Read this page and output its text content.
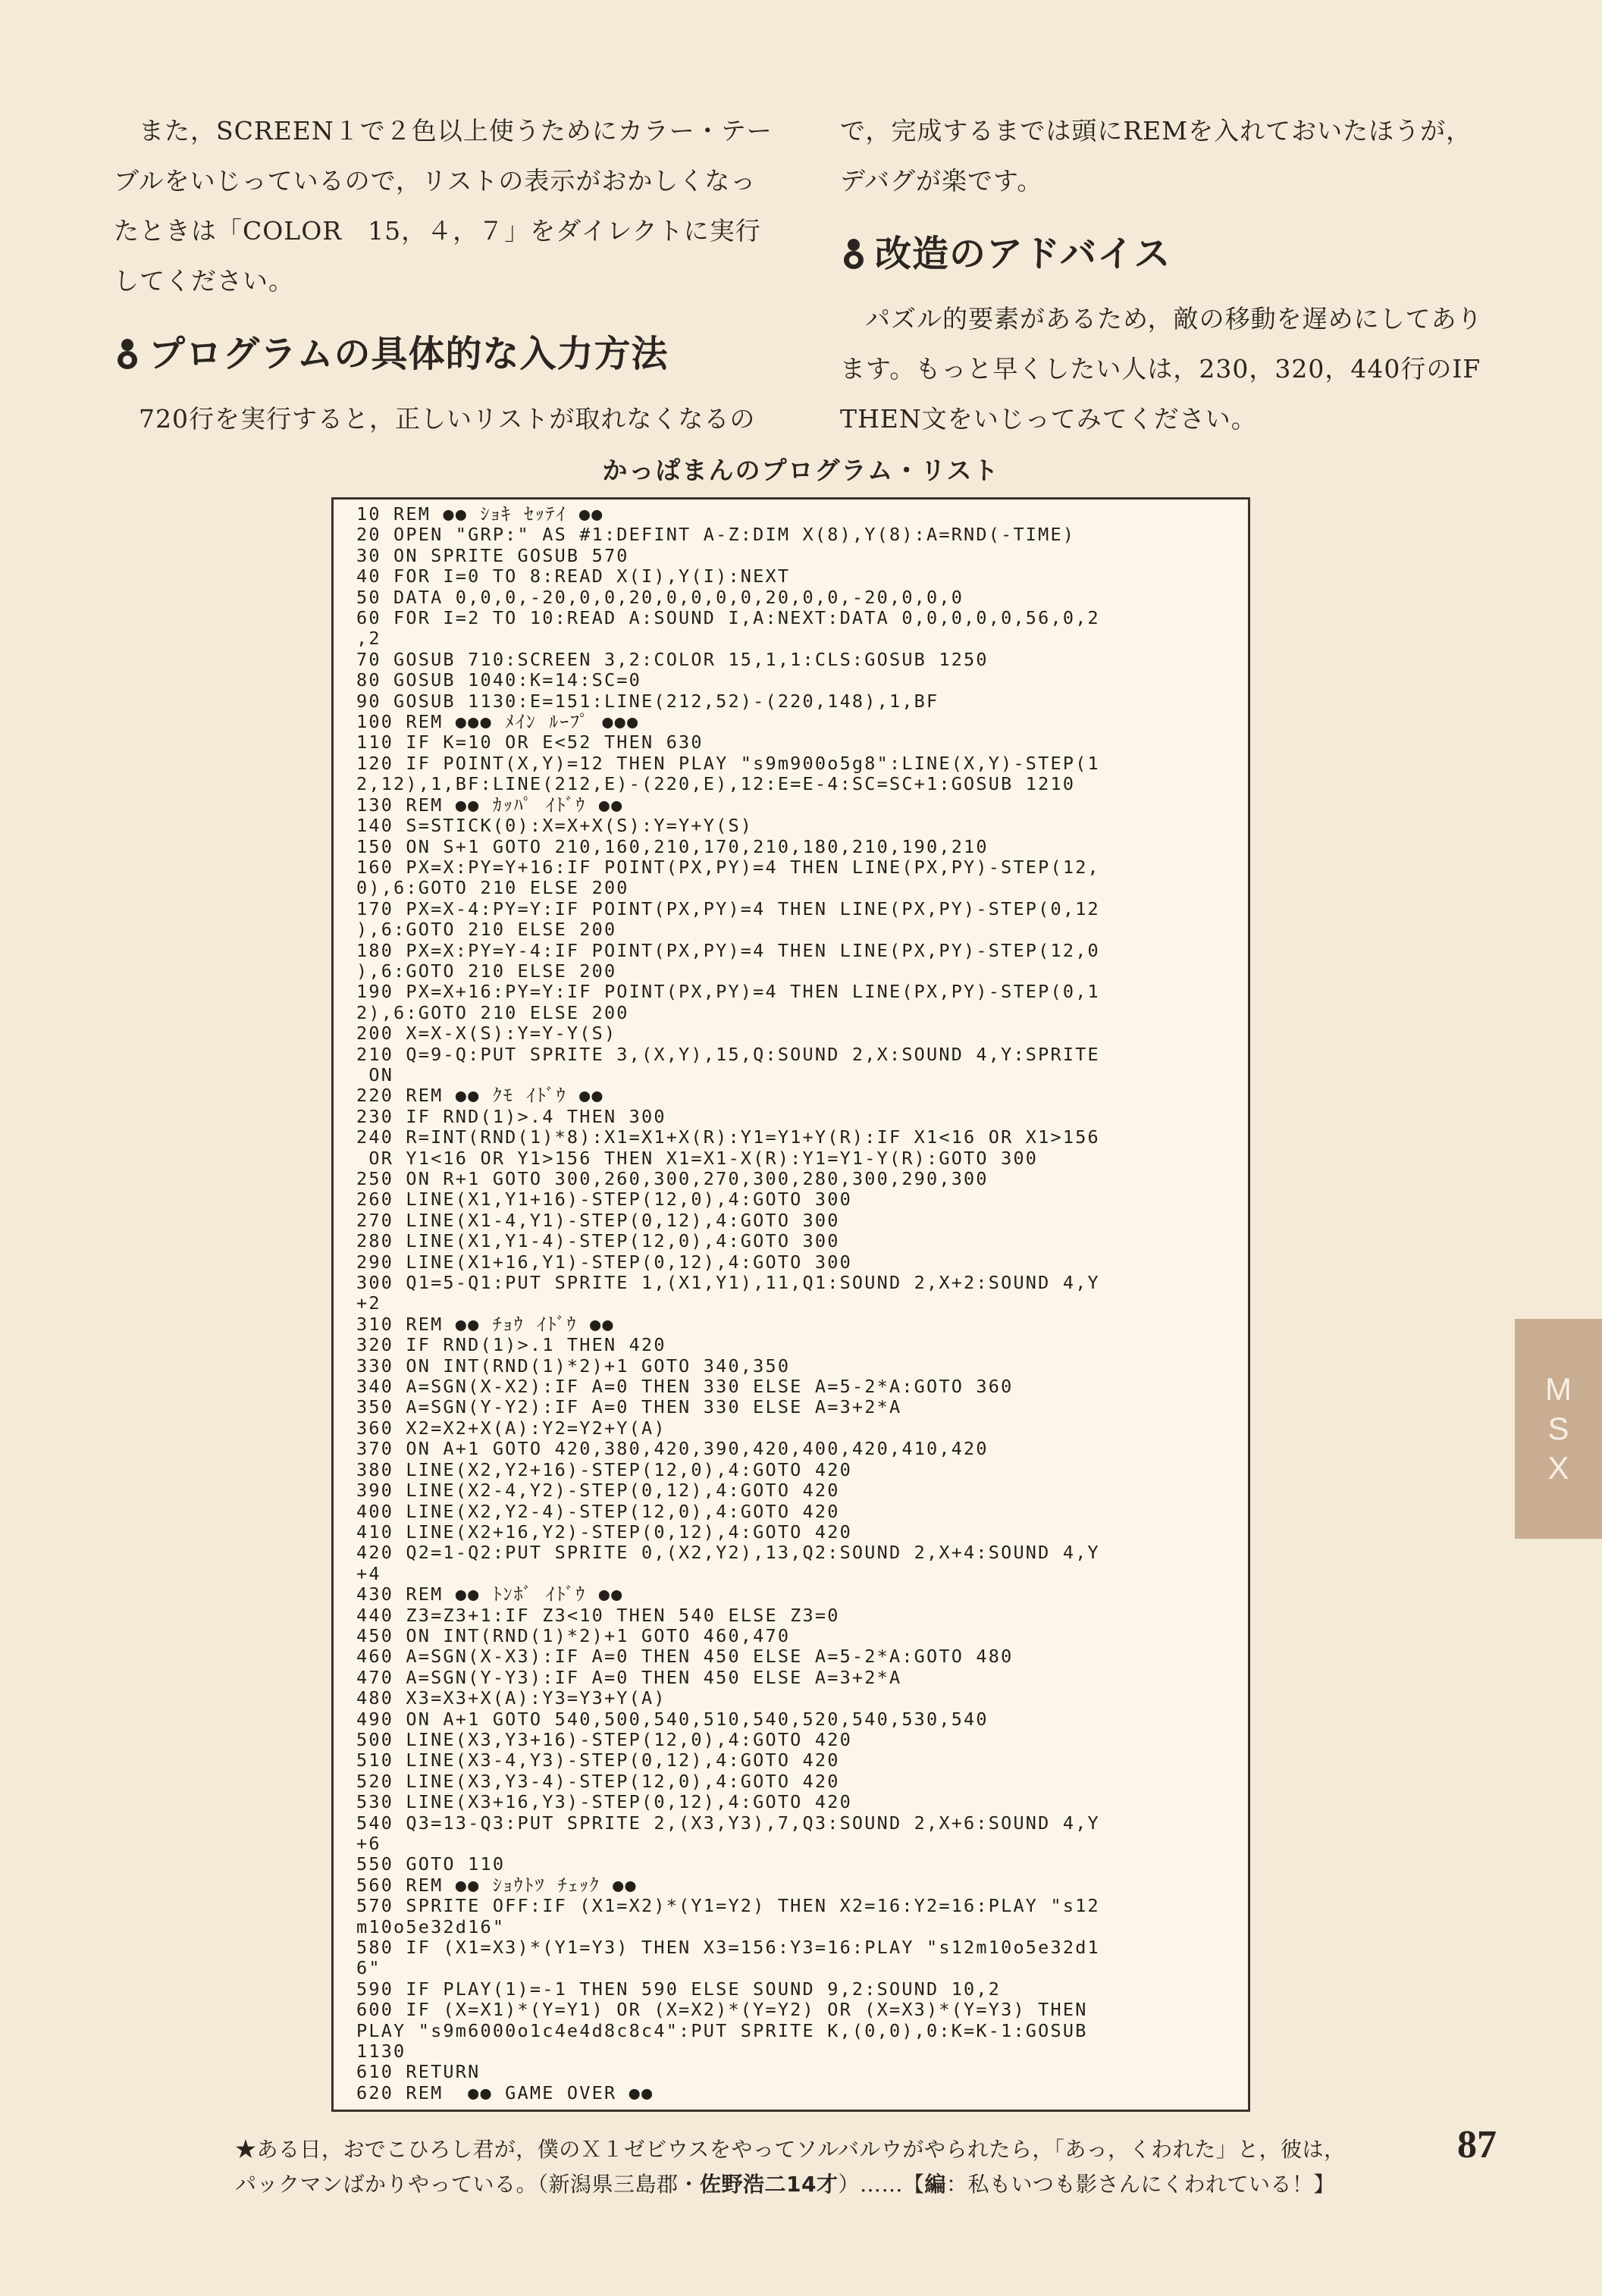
また，SCREEN１で２色以上使うためにカラー・テーブルをいじっているので，リストの表示がおかしくなったときは「COLOR　15，４，７」をダイレクトに実行してください。

プログラムの具体的な入力方法

720行を実行すると，正しいリストが取れなくなるの

で，完成するまでは頭にREMを入れておいたほうが，デバグが楽です。

改造のアドバイス

パズル的要素があるため，敵の移動を遅めにしてあります。もっと早くしたい人は，230，320，440行のIF　THEN文をいじってみてください。

かっぱまんのプログラム・リスト
10 REM ●● ｼｮｷ ｾｯﾃｲ ●●
20 OPEN "GRP:" AS #1:DEFINT A-Z:DIM X(8),Y(8):A=RND(-TIME)
30 ON SPRITE GOSUB 570
40 FOR I=0 TO 8:READ X(I),Y(I):NEXT
50 DATA 0,0,0,-20,0,0,20,0,0,0,0,20,0,0,-20,0,0,0
60 FOR I=2 TO 10:READ A:SOUND I,A:NEXT:DATA 0,0,0,0,0,56,0,2
,2
70 GOSUB 710:SCREEN 3,2:COLOR 15,1,1:CLS:GOSUB 1250
80 GOSUB 1040:K=14:SC=0
90 GOSUB 1130:E=151:LINE(212,52)-(220,148),1,BF
100 REM ●●● ﾒｲﾝ ﾙｰﾌﾟ ●●●
110 IF K=10 OR E<52 THEN 630
120 IF POINT(X,Y)=12 THEN PLAY "s9m900o5g8":LINE(X,Y)-STEP(1
2,12),1,BF:LINE(212,E)-(220,E),12:E=E-4:SC=SC+1:GOSUB 1210
130 REM ●● ｶｯﾊﾟ ｲﾄﾞｳ ●●
140 S=STICK(0):X=X+X(S):Y=Y+Y(S)
150 ON S+1 GOTO 210,160,210,170,210,180,210,190,210
160 PX=X:PY=Y+16:IF POINT(PX,PY)=4 THEN LINE(PX,PY)-STEP(12,
0),6:GOTO 210 ELSE 200
170 PX=X-4:PY=Y:IF POINT(PX,PY)=4 THEN LINE(PX,PY)-STEP(0,12
),6:GOTO 210 ELSE 200
180 PX=X:PY=Y-4:IF POINT(PX,PY)=4 THEN LINE(PX,PY)-STEP(12,0
),6:GOTO 210 ELSE 200
190 PX=X+16:PY=Y:IF POINT(PX,PY)=4 THEN LINE(PX,PY)-STEP(0,1
2),6:GOTO 210 ELSE 200
200 X=X-X(S):Y=Y-Y(S)
210 Q=9-Q:PUT SPRITE 3,(X,Y),15,Q:SOUND 2,X:SOUND 4,Y:SPRITE
ON
220 REM ●● ｸﾓ ｲﾄﾞｳ ●●
230 IF RND(1)>.4 THEN 300
240 R=INT(RND(1)*8):X1=X1+X(R):Y1=Y1+Y(R):IF X1<16 OR X1>156
OR Y1<16 OR Y1>156 THEN X1=X1-X(R):Y1=Y1-Y(R):GOTO 300
250 ON R+1 GOTO 300,260,300,270,300,280,300,290,300
260 LINE(X1,Y1+16)-STEP(12,0),4:GOTO 300
270 LINE(X1-4,Y1)-STEP(0,12),4:GOTO 300
280 LINE(X1,Y1-4)-STEP(12,0),4:GOTO 300
290 LINE(X1+16,Y1)-STEP(0,12),4:GOTO 300
300 Q1=5-Q1:PUT SPRITE 1,(X1,Y1),11,Q1:SOUND 2,X+2:SOUND 4,Y
+2
310 REM ●● ﾁｮｳ ｲﾄﾞｳ ●●
320 IF RND(1)>.1 THEN 420
330 ON INT(RND(1)*2)+1 GOTO 340,350
340 A=SGN(X-X2):IF A=0 THEN 330 ELSE A=5-2*A:GOTO 360
350 A=SGN(Y-Y2):IF A=0 THEN 330 ELSE A=3+2*A
360 X2=X2+X(A):Y2=Y2+Y(A)
370 ON A+1 GOTO 420,380,420,390,420,400,420,410,420
380 LINE(X2,Y2+16)-STEP(12,0),4:GOTO 420
390 LINE(X2-4,Y2)-STEP(0,12),4:GOTO 420
400 LINE(X2,Y2-4)-STEP(12,0),4:GOTO 420
410 LINE(X2+16,Y2)-STEP(0,12),4:GOTO 420
420 Q2=1-Q2:PUT SPRITE 0,(X2,Y2),13,Q2:SOUND 2,X+4:SOUND 4,Y
+4
430 REM ●● ﾄﾝﾎﾞ ｲﾄﾞｳ ●●
440 Z3=Z3+1:IF Z3<10 THEN 540 ELSE Z3=0
450 ON INT(RND(1)*2)+1 GOTO 460,470
460 A=SGN(X-X3):IF A=0 THEN 450 ELSE A=5-2*A:GOTO 480
470 A=SGN(Y-Y3):IF A=0 THEN 450 ELSE A=3+2*A
480 X3=X3+X(A):Y3=Y3+Y(A)
490 ON A+1 GOTO 540,500,540,510,540,520,540,530,540
500 LINE(X3,Y3+16)-STEP(12,0),4:GOTO 420
510 LINE(X3-4,Y3)-STEP(0,12),4:GOTO 420
520 LINE(X3,Y3-4)-STEP(12,0),4:GOTO 420
530 LINE(X3+16,Y3)-STEP(0,12),4:GOTO 420
540 Q3=13-Q3:PUT SPRITE 2,(X3,Y3),7,Q3:SOUND 2,X+6:SOUND 4,Y
+6
550 GOTO 110
560 REM ●● ｼｮｳﾄﾂ ﾁｪｯｸ ●●
570 SPRITE OFF:IF (X1=X2)*(Y1=Y2) THEN X2=16:Y2=16:PLAY "s12
m10o5e32d16"
580 IF (X1=X3)*(Y1=Y3) THEN X3=156:Y3=16:PLAY "s12m10o5e32d1
6"
590 IF PLAY(1)=-1 THEN 590 ELSE SOUND 9,2:SOUND 10,2
600 IF (X=X1)*(Y=Y1) OR (X=X2)*(Y=Y2) OR (X=X3)*(Y=Y3) THEN
PLAY "s9m6000o1c4e4d8c8c4":PUT SPRITE K,(0,0),0:K=K-1:GOSUB
1130
610 RETURN
620 REM  ●● GAME OVER ●●
M
S
X

★ある日，おでこひろし君が，僕のＸ１ゼビウスをやってソルバルウがやられたら，「あっ，くわれた」と，彼は，

パックマンばかりやっている。（新潟県三島郡・佐野浩二14才）……【編：私もいつも影さんにくわれている！】

87
